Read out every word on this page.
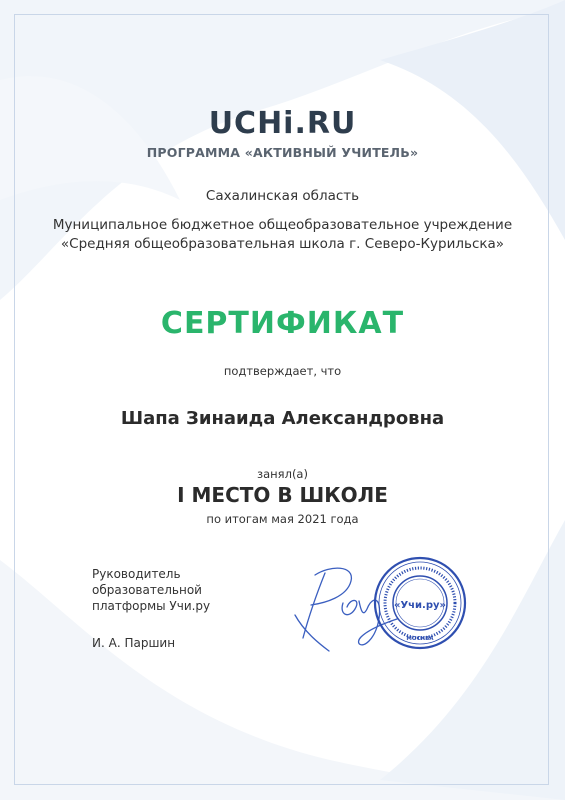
UCHi.RU
ПРОГРАММА «АКТИВНЫЙ УЧИТЕЛЬ»
Сахалинская область
Муниципальное бюджетное общеобразовательное учреждение
«Средняя общеобразовательная школа г. Северо-Курильска»
СЕРТИФИКАТ
подтверждает, что
Шапа Зинаида Александровна
занял(а)
I МЕСТО В ШКОЛЕ
по итогам мая 2021 года
Руководитель
образовательной
платформы Учи.ру
И. А. Паршин
«Учи.ру»
МОСКВА
